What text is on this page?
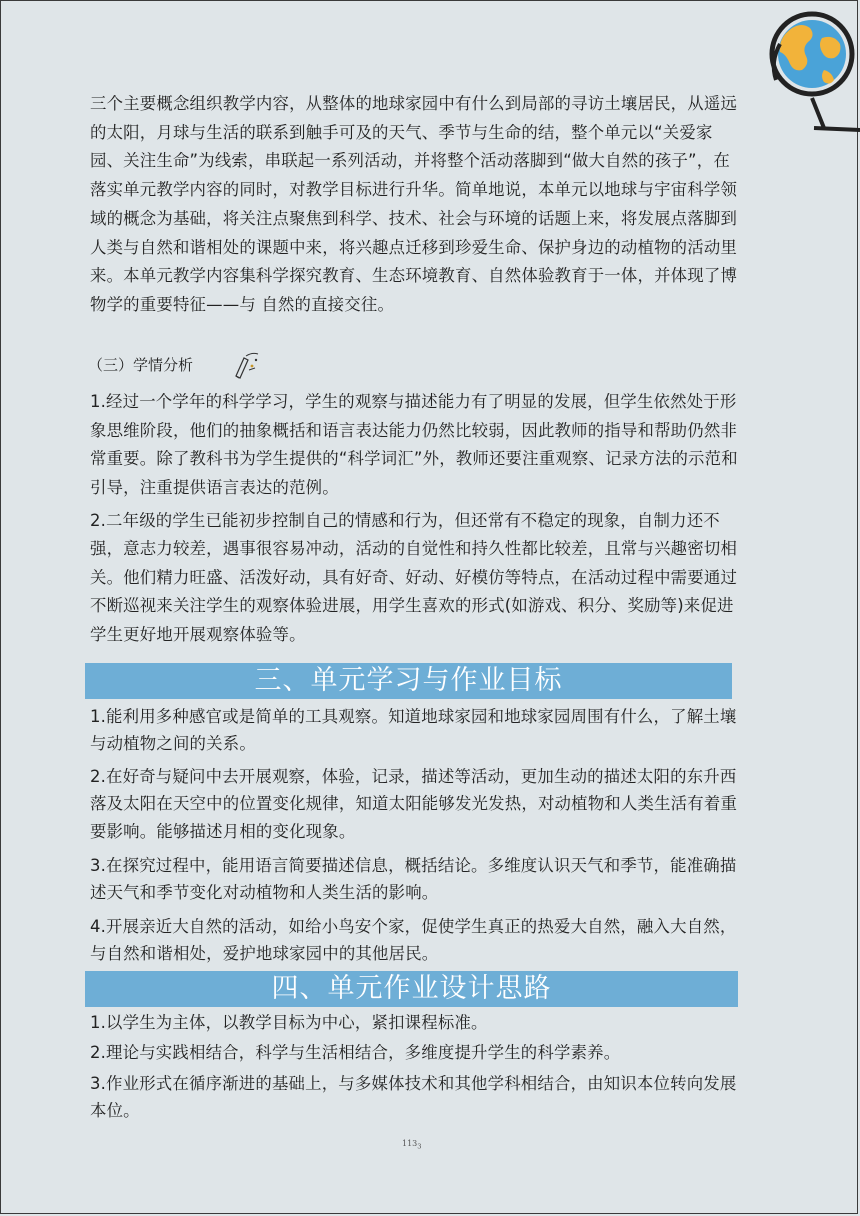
三个主要概念组织教学内容，从整体的地球家园中有什么到局部的寻访土壤居民，从遥远的太阳，月球与生活的联系到触手可及的天气、季节与生命的结，整个单元以“关爱家园、关注生命”为线索，串联起一系列活动，并将整个活动落脚到“做大自然的孩子”，在落实单元教学内容的同时，对教学目标进行升华。简单地说，本单元以地球与宇宙科学领域的概念为基础，将关注点聚焦到科学、技术、社会与环境的话题上来，将发展点落脚到人类与自然和谐相处的课题中来，将兴趣点迁移到珍爱生命、保护身边的动植物的活动里来。本单元教学内容集科学探究教育、生态环境教育、自然体验教育于一体，并体现了博物学的重要特征——与 自然的直接交往。

（三）学情分析

1.经过一个学年的科学学习，学生的观察与描述能力有了明显的发展，但学生依然处于形象思维阶段，他们的抽象概括和语言表达能力仍然比较弱，因此教师的指导和帮助仍然非常重要。除了教科书为学生提供的“科学词汇”外，教师还要注重观察、记录方法的示范和引导，注重提供语言表达的范例。

2.二年级的学生已能初步控制自己的情感和行为，但还常有不稳定的现象，自制力还不强，意志力较差，遇事很容易冲动，活动的自觉性和持久性都比较差，且常与兴趣密切相关。他们精力旺盛、活泼好动，具有好奇、好动、好模仿等特点，在活动过程中需要通过不断巡视来关注学生的观察体验进展，用学生喜欢的形式(如游戏、积分、奖励等)来促进学生更好地开展观察体验等。

三、单元学习与作业目标

1.能利用多种感官或是简单的工具观察。知道地球家园和地球家园周围有什么，了解土壤与动植物之间的关系。

2.在好奇与疑问中去开展观察，体验，记录，描述等活动，更加生动的描述太阳的东升西落及太阳在天空中的位置变化规律，知道太阳能够发光发热，对动植物和人类生活有着重要影响。能够描述月相的变化现象。

3.在探究过程中，能用语言简要描述信息，概括结论。多维度认识天气和季节，能准确描述天气和季节变化对动植物和人类生活的影响。

4.开展亲近大自然的活动，如给小鸟安个家，促使学生真正的热爱大自然，融入大自然，与自然和谐相处，爱护地球家园中的其他居民。

四、单元作业设计思路

1.以学生为主体，以教学目标为中心，紧扣课程标准。

2.理论与实践相结合，科学与生活相结合，多维度提升学生的科学素养。

3.作业形式在循序渐进的基础上，与多媒体技术和其他学科相结合，由知识本位转向发展本位。

$113_3$
